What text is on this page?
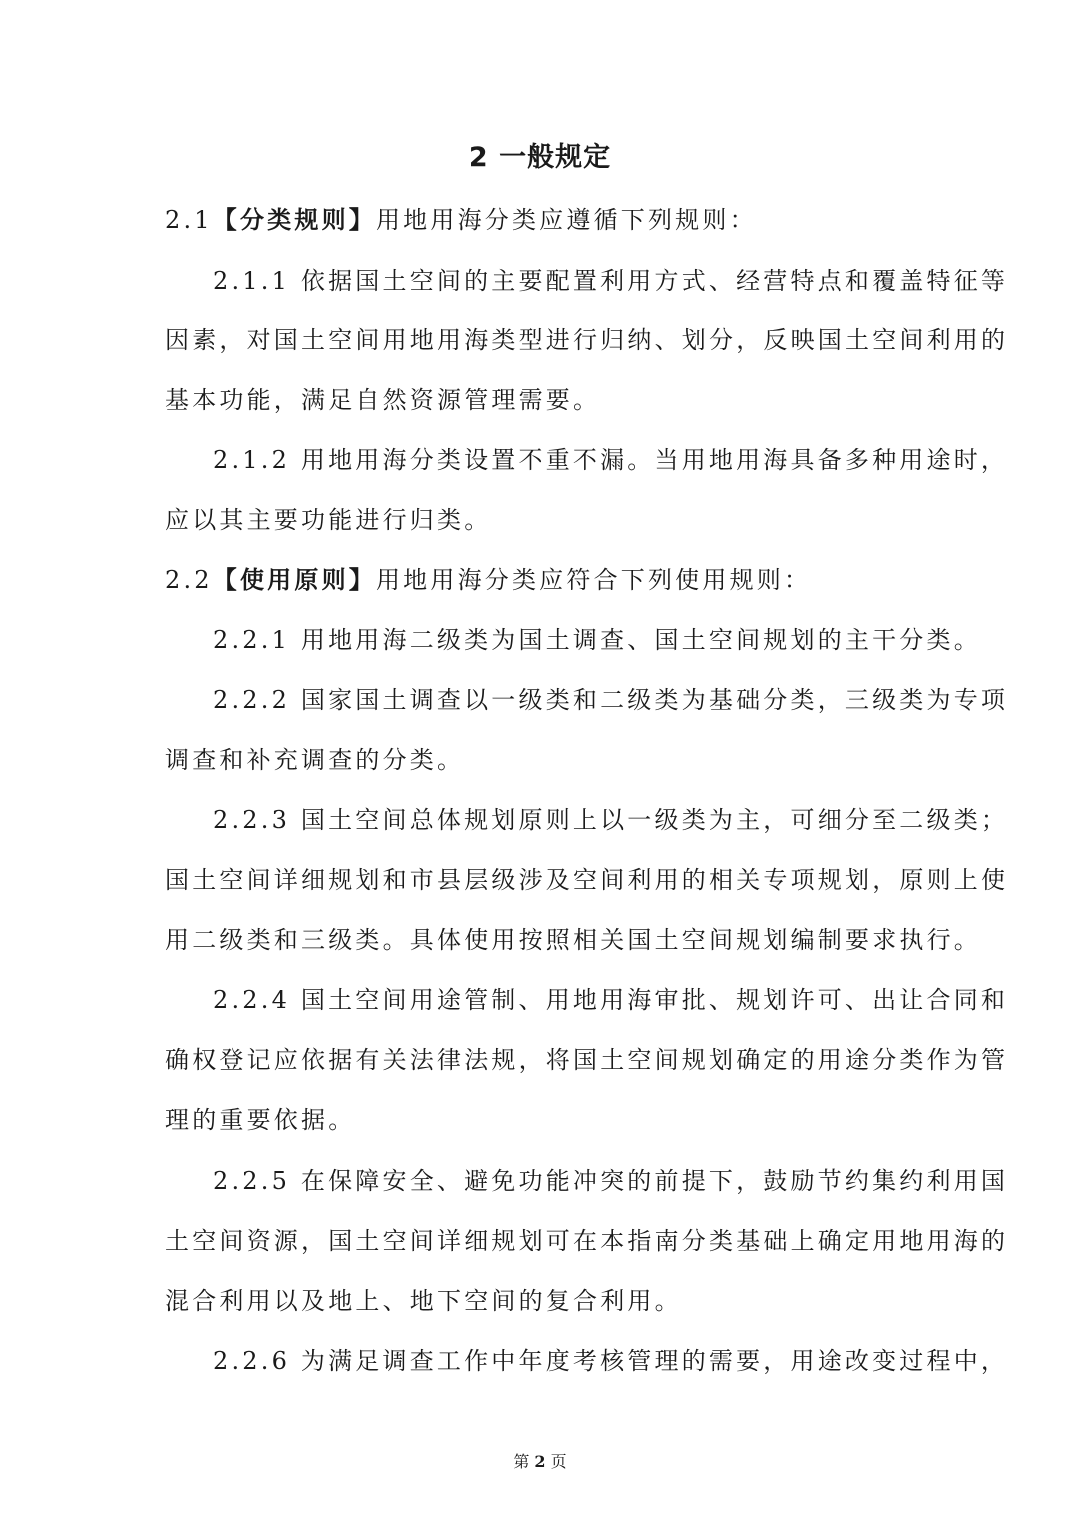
2 一般规定
2.1【分类规则】用地用海分类应遵循下列规则：
2.1.1 依据国土空间的主要配置利用方式、经营特点和覆盖特征等
因素，对国土空间用地用海类型进行归纳、划分，反映国土空间利用的
基本功能，满足自然资源管理需要。
2.1.2 用地用海分类设置不重不漏。当用地用海具备多种用途时，
应以其主要功能进行归类。
2.2【使用原则】用地用海分类应符合下列使用规则：
2.2.1 用地用海二级类为国土调查、国土空间规划的主干分类。
2.2.2 国家国土调查以一级类和二级类为基础分类，三级类为专项
调查和补充调查的分类。
2.2.3 国土空间总体规划原则上以一级类为主，可细分至二级类；
国土空间详细规划和市县层级涉及空间利用的相关专项规划，原则上使
用二级类和三级类。具体使用按照相关国土空间规划编制要求执行。
2.2.4 国土空间用途管制、用地用海审批、规划许可、出让合同和
确权登记应依据有关法律法规，将国土空间规划确定的用途分类作为管
理的重要依据。
2.2.5 在保障安全、避免功能冲突的前提下，鼓励节约集约利用国
土空间资源，国土空间详细规划可在本指南分类基础上确定用地用海的
混合利用以及地上、地下空间的复合利用。
2.2.6 为满足调查工作中年度考核管理的需要，用途改变过程中，
第 2 页
